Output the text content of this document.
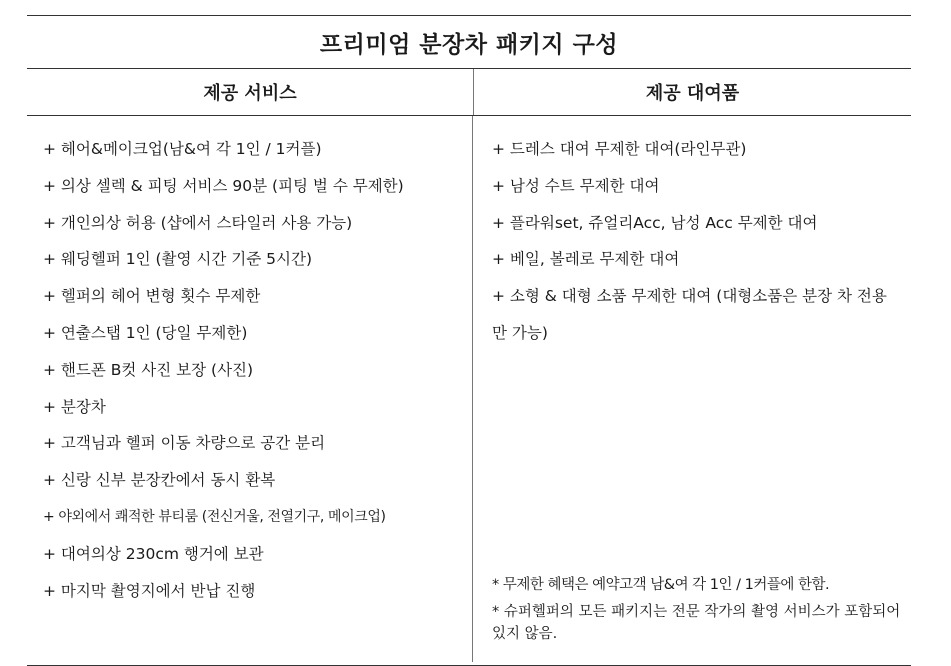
프리미엄 분장차 패키지 구성
제공 서비스	제공 대여품
+ 헤어&메이크업(남&여 각 1인 / 1커플)
+ 의상 셀렉 & 피팅 서비스 90분 (피팅 벌 수 무제한)
+ 개인의상 허용 (샵에서 스타일러 사용 가능)
+ 웨딩헬퍼 1인 (촬영 시간 기준 5시간)
+ 헬퍼의 헤어 변형 횟수 무제한
+ 연출스탭 1인 (당일 무제한)
+ 핸드폰 B컷 사진 보장 (사진)
+ 분장차
+ 고객님과 헬퍼 이동 차량으로 공간 분리
+ 신랑 신부 분장칸에서 동시 환복
+ 야외에서 쾌적한 뷰티룸 (전신거울, 전열기구, 메이크업)
+ 대여의상 230cm 행거에 보관
+ 마지막 촬영지에서 반납 진행
+ 드레스 대여 무제한 대여(라인무관)
+ 남성 수트 무제한 대여
+ 플라워set, 쥬얼리Acc, 남성 Acc 무제한 대여
+ 베일, 볼레로 무제한 대여
+ 소형 & 대형 소품 무제한 대여 (대형소품은 분장 차 전용만 가능)
* 무제한 혜택은 예약고객 남&여 각 1인 / 1커플에 한함.
* 슈퍼헬퍼의 모든 패키지는 전문 작가의 촬영 서비스가 포함되어 있지 않음.
